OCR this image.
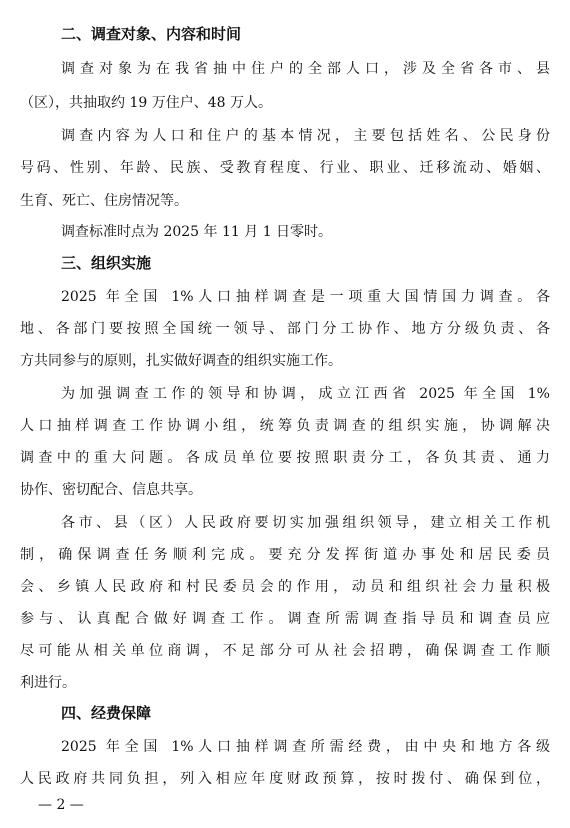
二、调查对象、内容和时间
调查对象为在我省抽中住户的全部人口，涉及全省各市、县
（区），共抽取约 19 万住户、48 万人。
调查内容为人口和住户的基本情况，主要包括姓名、公民身份
号码、性别、年龄、民族、受教育程度、行业、职业、迁移流动、婚姻、
生育、死亡、住房情况等。
调查标准时点为 2025 年 11 月 1 日零时。
三、组织实施
2025 年全国 1%人口抽样调查是一项重大国情国力调查。各
地、各部门要按照全国统一领导、部门分工协作、地方分级负责、各
方共同参与的原则，扎实做好调查的组织实施工作。
为加强调查工作的领导和协调，成立江西省 2025 年全国 1%
人口抽样调查工作协调小组，统筹负责调查的组织实施，协调解决
调查中的重大问题。各成员单位要按照职责分工，各负其责、通力
协作、密切配合、信息共享。
各市、县（区）人民政府要切实加强组织领导，建立相关工作机
制，确保调查任务顺利完成。要充分发挥街道办事处和居民委员
会、乡镇人民政府和村民委员会的作用，动员和组织社会力量积极
参与、认真配合做好调查工作。调查所需调查指导员和调查员应
尽可能从相关单位商调，不足部分可从社会招聘，确保调查工作顺
利进行。
四、经费保障
2025 年全国 1%人口抽样调查所需经费，由中央和地方各级
人民政府共同负担，列入相应年度财政预算，按时拨付、确保到位，
— 2 —
